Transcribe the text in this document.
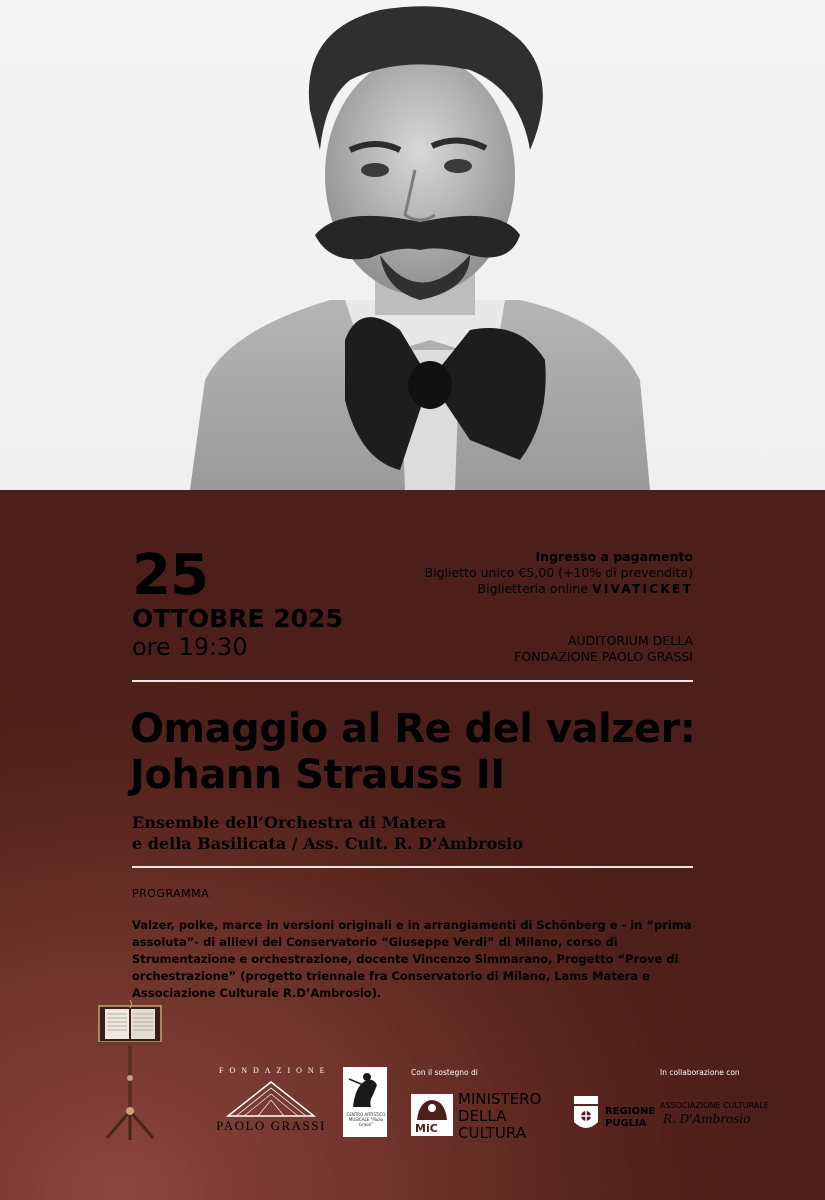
25
OTTOBRE 2025
ore 19:30
Ingresso a pagamento
Biglietto unico €5,00 (+10% di prevendita)
Biglietteria online VIVATICKET
AUDITORIUM DELLA
FONDAZIONE PAOLO GRASSI
Omaggio al Re del valzer:
Johann Strauss II
Ensemble dell’Orchestra di Matera
e della Basilicata / Ass. Cult. R. D’Ambrosio
PROGRAMMA
Valzer, polke, marce in versioni originali e in arrangiamenti di Schönberg e - in “prima assoluta”- di allievi del Conservatorio “Giuseppe Verdi” di Milano, corso di Strumentazione e orchestrazione, docente Vincenzo Simmarano, Progetto “Prove di orchestrazione” (progetto triennale fra Conservatorio di Milano, Lams Matera e Associazione Culturale R.D’Ambrosio).
FONDAZIONE
PAOLO GRASSI
CENTRO ARTISTICO MUSICALE "Paolo Grassi"
Con il sostegno di
MiC
MINISTERO
DELLA
CULTURA
REGIONE
PUGLIA
In collaborazione con
ASSOCIAZIONE CULTURALE
R. D'Ambrosio
